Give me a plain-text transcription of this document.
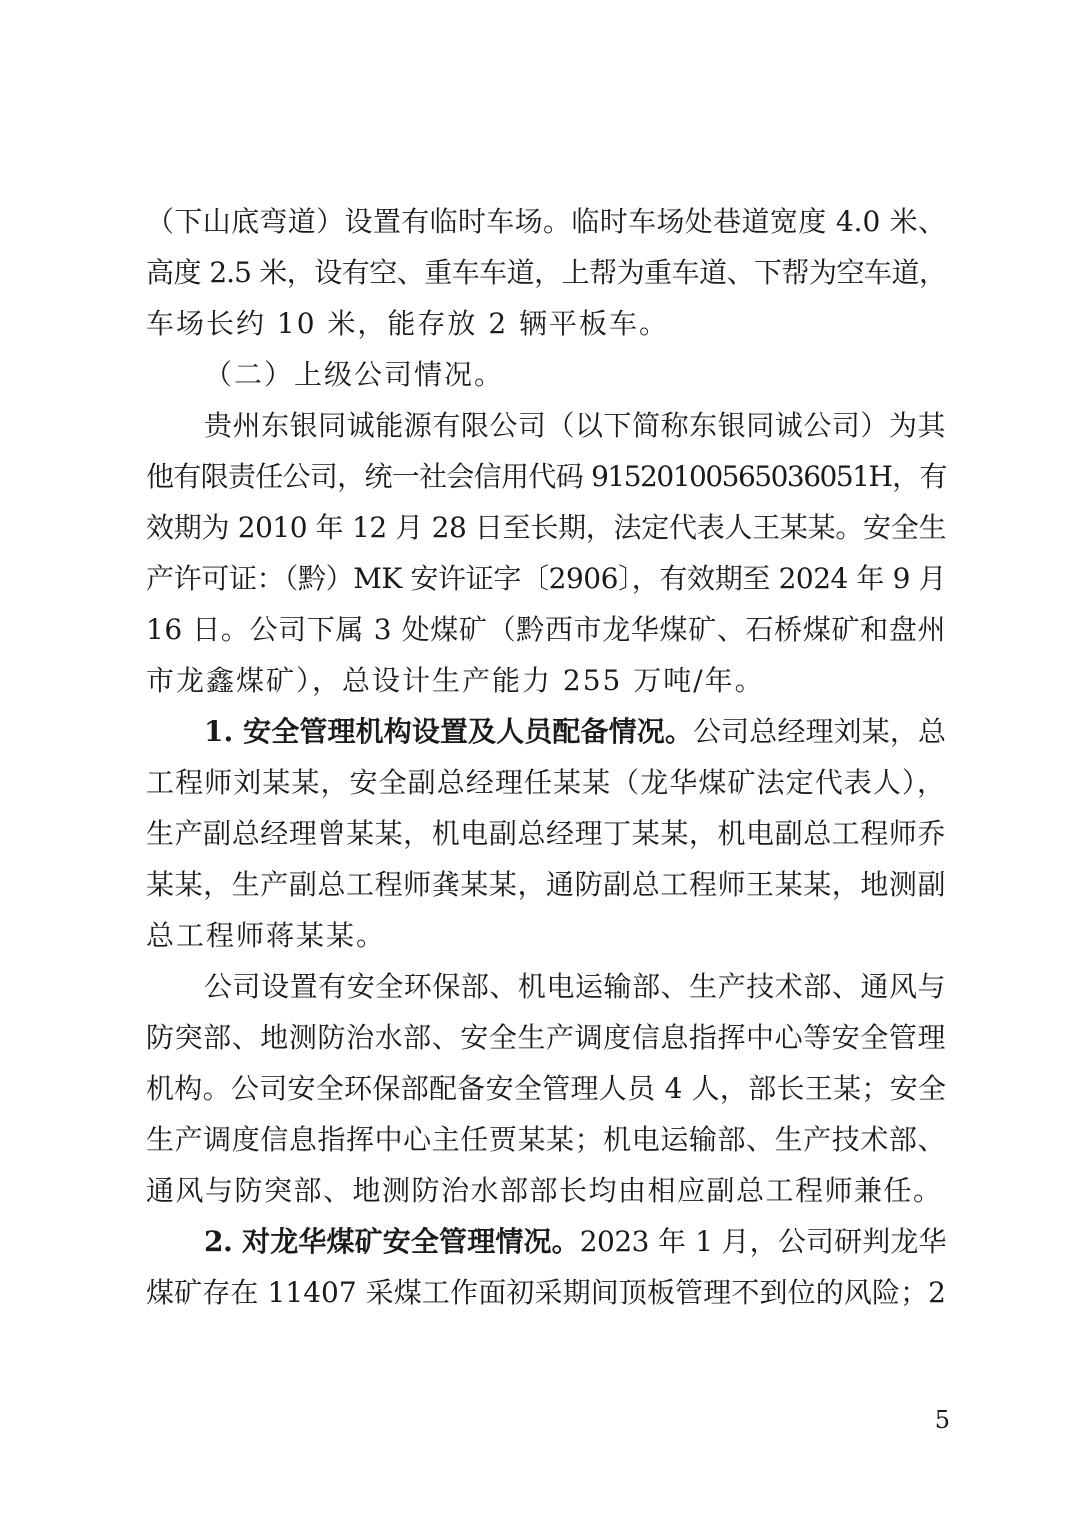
（下山底弯道）设置有临时车场。临时车场处巷道宽度 4.0 米、
高度 2.5 米，设有空、重车车道，上帮为重车道、下帮为空车道，
车场长约 10 米，能存放 2 辆平板车。
（二）上级公司情况。
贵州东银同诚能源有限公司（以下简称东银同诚公司）为其
他有限责任公司，统一社会信用代码 91520100565036051H，有
效期为 2010 年 12 月 28 日至长期，法定代表人王某某。安全生
产许可证：（黔）MK 安许证字〔2906〕，有效期至 2024 年 9 月
16 日。公司下属 3 处煤矿（黔西市龙华煤矿、石桥煤矿和盘州
市龙鑫煤矿），总设计生产能力 255 万吨/年。
1. 安全管理机构设置及人员配备情况。公司总经理刘某，总
工程师刘某某，安全副总经理任某某（龙华煤矿法定代表人），
生产副总经理曾某某，机电副总经理丁某某，机电副总工程师乔
某某，生产副总工程师龚某某，通防副总工程师王某某，地测副
总工程师蒋某某。
公司设置有安全环保部、机电运输部、生产技术部、通风与
防突部、地测防治水部、安全生产调度信息指挥中心等安全管理
机构。公司安全环保部配备安全管理人员 4 人，部长王某；安全
生产调度信息指挥中心主任贾某某；机电运输部、生产技术部、
通风与防突部、地测防治水部部长均由相应副总工程师兼任。
2. 对龙华煤矿安全管理情况。2023 年 1 月，公司研判龙华
煤矿存在 11407 采煤工作面初采期间顶板管理不到位的风险；2
5
